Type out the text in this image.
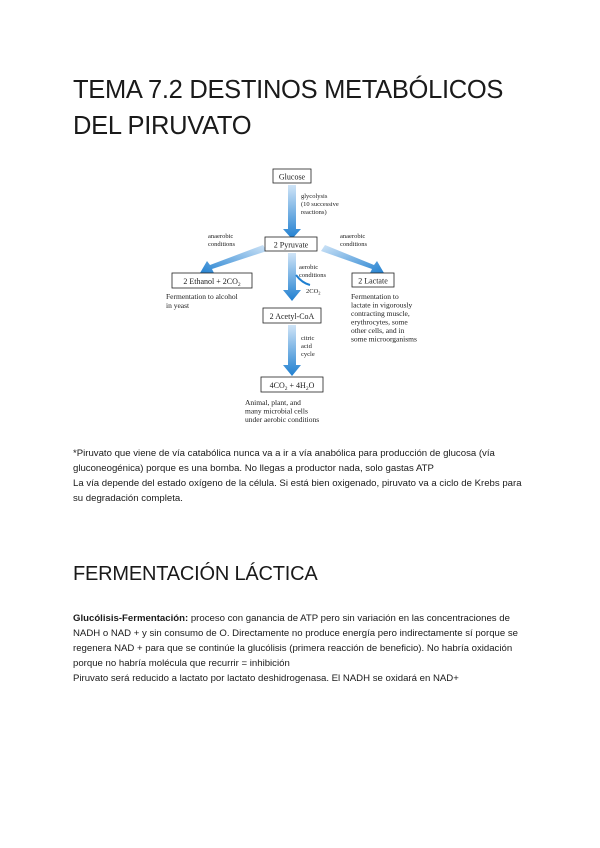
TEMA 7.2 DESTINOS METABÓLICOS
DEL PIRUVATO
Glucose
2 Pyruvate
2 Ethanol + $2CO_2$	2 Lactate
2 Acetyl-CoA
$4CO_2 + 4H_2O$
glycolysis (10 successive reactions)
anaerobic conditions
anaerobic conditions
aerobic conditions
$2CO_2$
citric acid cycle
Fermentation to alcohol in yeast
Fermentation to lactate in vigorously contracting muscle, erythrocytes, some other cells, and in some microorganisms
Animal, plant, and many microbial cells under aerobic conditions

*Piruvato que viene de vía catabólica nunca va a ir a vía anabólica para producción de glucosa (vía gluconeogénica) porque es una bomba. No llegas a productor nada, solo gastas ATP

La vía depende del estado oxígeno de la célula. Si está bien oxigenado, piruvato va a ciclo de Krebs para su degradación completa.

FERMENTACIÓN LÁCTICA

Glucólisis-Fermentación: proceso con ganancia de ATP pero sin variación en las concentraciones de NADH o NAD + y sin consumo de O. Directamente no produce energía pero indirectamente sí porque se regenera NAD + para que se continúe la glucólisis (primera reacción de beneficio). No habría oxidación porque no habría molécula que recurrir = inhibición

Piruvato será reducido a lactato por lactato deshidrogenasa. El NADH se oxidará en NAD+
